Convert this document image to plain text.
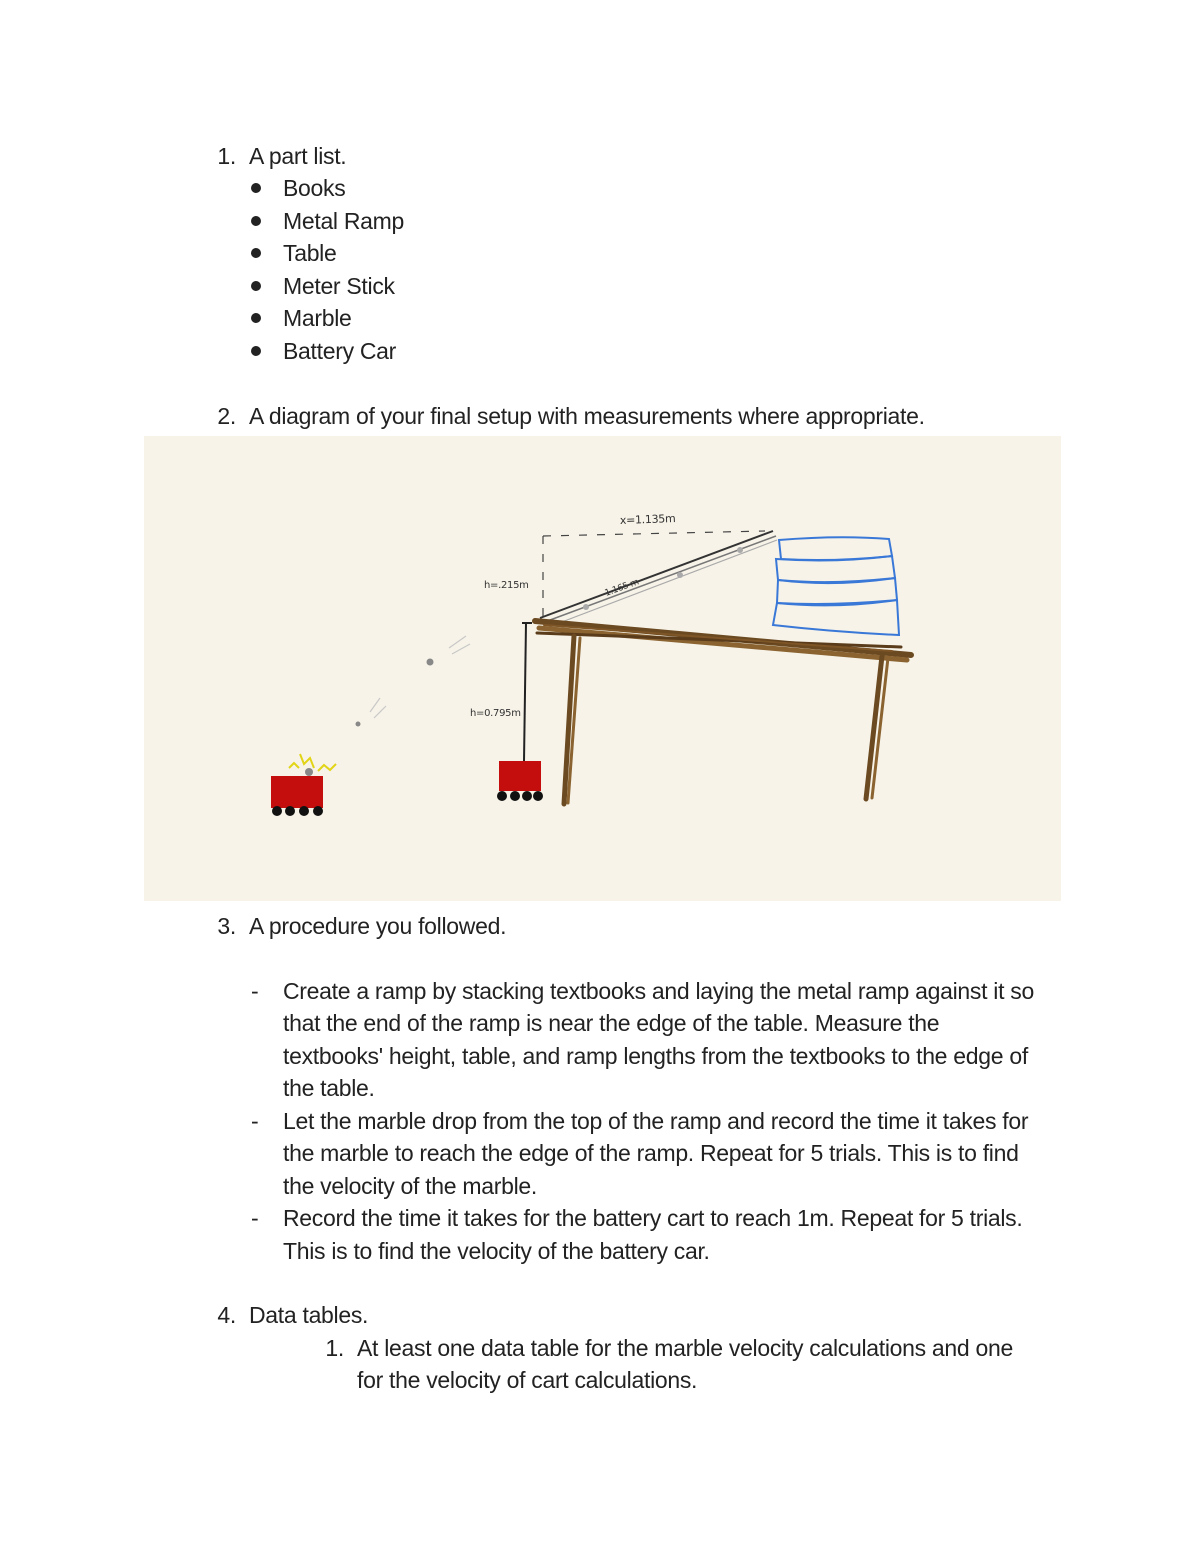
1. A part list.
Books
Metal Ramp
Table
Meter Stick
Marble
Battery Car
2. A diagram of your final setup with measurements where appropriate.
x=1.135m
1.165 m
h=.215m
h=0.795m
3. A procedure you followed.
- Create a ramp by stacking textbooks and laying the metal ramp against it so
that the end of the ramp is near the edge of the table. Measure the
textbooks' height, table, and ramp lengths from the textbooks to the edge of
the table.
- Let the marble drop from the top of the ramp and record the time it takes for
the marble to reach the edge of the ramp. Repeat for 5 trials. This is to find
the velocity of the marble.
- Record the time it takes for the battery cart to reach 1m. Repeat for 5 trials.
This is to find the velocity of the battery car.
4. Data tables.
1. At least one data table for the marble velocity calculations and one
for the velocity of cart calculations.
